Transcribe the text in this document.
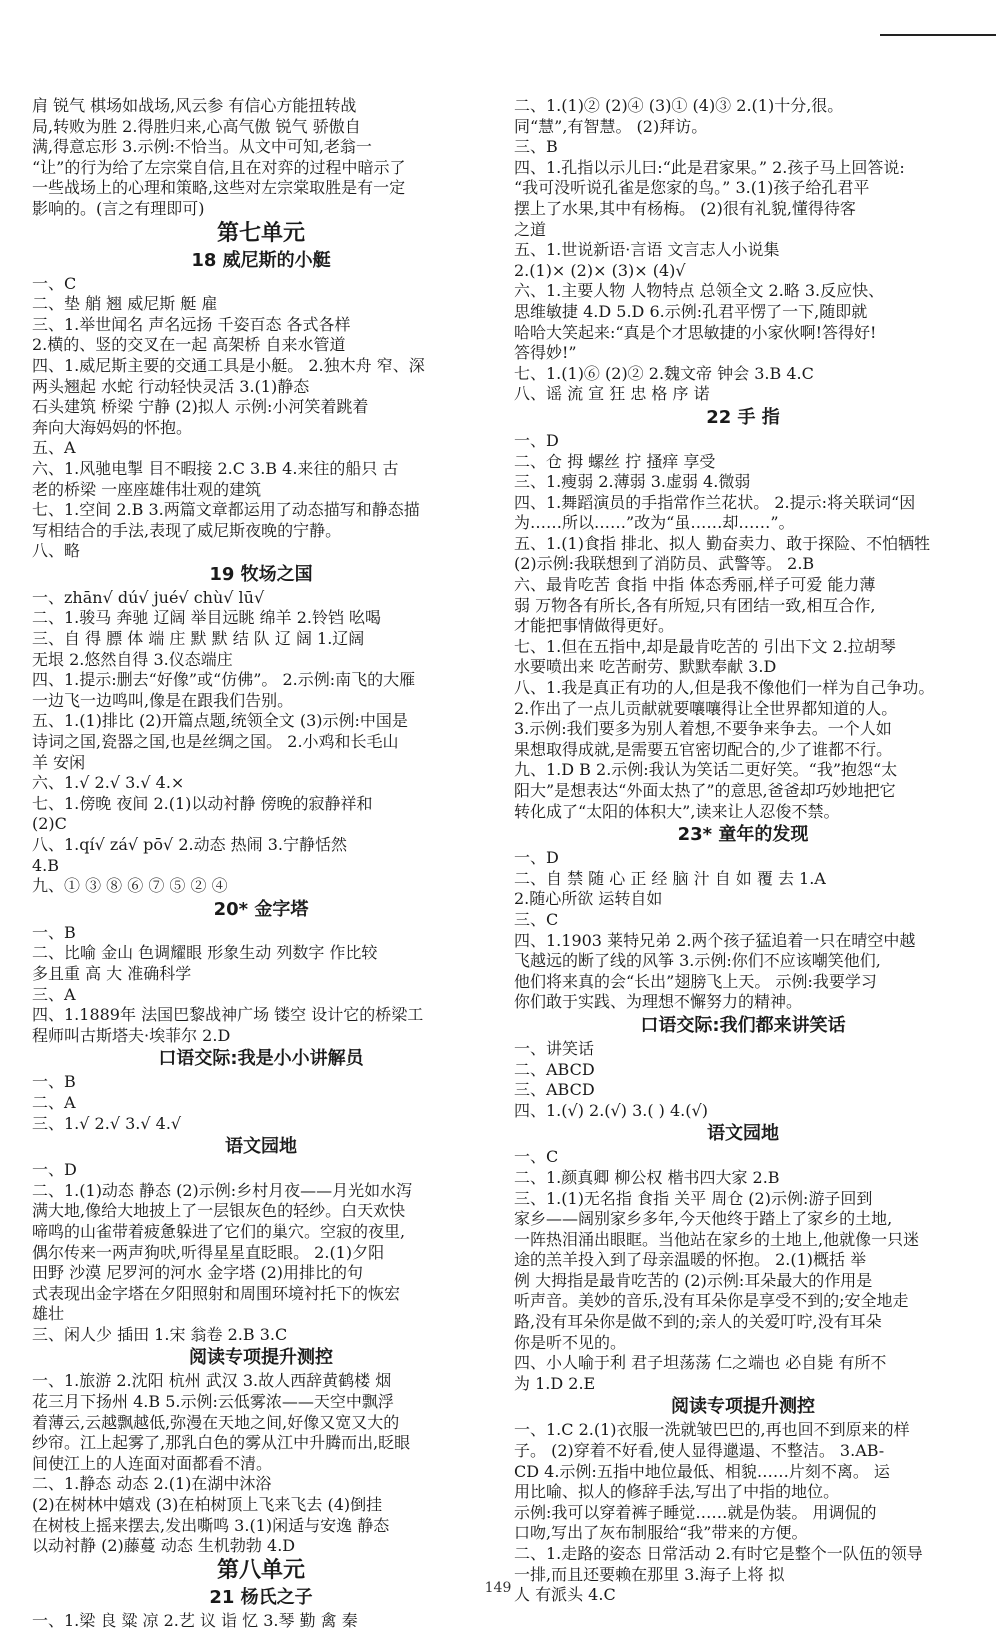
肩 锐气 棋场如战场,风云参 有信心方能扭转战
局,转败为胜 2.得胜归来,心高气傲 锐气 骄傲自
满,得意忘形 3.示例:不恰当。从文中可知,老翁一
“让”的行为给了左宗棠自信,且在对弈的过程中暗示了
一些战场上的心理和策略,这些对左宗棠取胜是有一定
影响的。(言之有理即可)
第七单元
18 威尼斯的小艇
一、C
二、垫 艄 翘 威尼斯 艇 雇
三、1.举世闻名 声名远扬 千姿百态 各式各样
2.横的、竖的交叉在一起 高架桥 自来水管道
四、1.威尼斯主要的交通工具是小艇。 2.独木舟 窄、深
两头翘起 水蛇 行动轻快灵活 3.(1)静态
石头建筑 桥梁 宁静 (2)拟人 示例:小河笑着跳着
奔向大海妈妈的怀抱。
五、A
六、1.风驰电掣 目不暇接 2.C 3.B 4.来往的船只 古
老的桥梁 一座座雄伟壮观的建筑
七、1.空间 2.B 3.两篇文章都运用了动态描写和静态描
写相结合的手法,表现了威尼斯夜晚的宁静。
八、略
19 牧场之国
一、zhān√ dú√ jué√ chù√ lū√
二、1.骏马 奔驰 辽阔 举目远眺 绵羊 2.铃铛 吆喝
三、自 得 膘 体 端 庄 默 默 结 队 辽 阔 1.辽阔
无垠 2.悠然自得 3.仪态端庄
四、1.提示:删去“好像”或“仿佛”。 2.示例:南飞的大雁
一边飞一边鸣叫,像是在跟我们告别。
五、1.(1)排比 (2)开篇点题,统领全文 (3)示例:中国是
诗词之国,瓷器之国,也是丝绸之国。 2.小鸡和长毛山
羊 安闲
六、1.√ 2.√ 3.√ 4.×
七、1.傍晚 夜间 2.(1)以动衬静 傍晚的寂静祥和
(2)C
八、1.qí√ zá√ pō√ 2.动态 热闹 3.宁静恬然
4.B
九、① ③ ⑧ ⑥ ⑦ ⑤ ② ④
20* 金字塔
一、B
二、比喻 金山 色调耀眼 形象生动 列数字 作比较
多且重 高 大 准确科学
三、A
四、1.1889年 法国巴黎战神广场 镂空 设计它的桥梁工
程师叫古斯塔夫·埃菲尔 2.D
口语交际:我是小小讲解员
一、B
二、A
三、1.√ 2.√ 3.√ 4.√
语文园地
一、D
二、1.(1)动态 静态 (2)示例:乡村月夜——月光如水泻
满大地,像给大地披上了一层银灰色的轻纱。白天欢快
啼鸣的山雀带着疲惫躲进了它们的巢穴。空寂的夜里,
偶尔传来一两声狗吠,听得星星直眨眼。 2.(1)夕阳
田野 沙漠 尼罗河的河水 金字塔 (2)用排比的句
式表现出金字塔在夕阳照射和周围环境衬托下的恢宏
雄壮
三、闲人少 插田 1.宋 翁卷 2.B 3.C
阅读专项提升测控
一、1.旅游 2.沈阳 杭州 武汉 3.故人西辞黄鹤楼 烟
花三月下扬州 4.B 5.示例:云低雾浓——天空中飘浮
着薄云,云越飘越低,弥漫在天地之间,好像又宽又大的
纱帘。江上起雾了,那乳白色的雾从江中升腾而出,眨眼
间使江上的人连面对面都看不清。
二、1.静态 动态 2.(1)在湖中沐浴
(2)在树林中嬉戏 (3)在柏树顶上飞来飞去 (4)倒挂
在树枝上摇来摆去,发出嘶鸣 3.(1)闲适与安逸 静态
以动衬静 (2)藤蔓 动态 生机勃勃 4.D
第八单元
21 杨氏之子
一、1.梁 良 粱 凉 2.艺 议 诣 忆 3.琴 勤 禽 秦
二、1.(1)② (2)④ (3)① (4)③ 2.(1)十分,很。
同“慧”,有智慧。 (2)拜访。
三、B
四、1.孔指以示儿曰:“此是君家果。” 2.孩子马上回答说:
“我可没听说孔雀是您家的鸟。” 3.(1)孩子给孔君平
摆上了水果,其中有杨梅。 (2)很有礼貌,懂得待客
之道
五、1.世说新语·言语 文言志人小说集
2.(1)× (2)× (3)× (4)√
六、1.主要人物 人物特点 总领全文 2.略 3.反应快、
思维敏捷 4.D 5.D 6.示例:孔君平愣了一下,随即就
哈哈大笑起来:“真是个才思敏捷的小家伙啊!答得好!
答得妙!”
七、1.(1)⑥ (2)② 2.魏文帝 钟会 3.B 4.C
八、谣 流 宣 狂 忠 格 序 诺
22 手 指
一、D
二、仓 拇 螺丝 拧 搔痒 享受
三、1.瘦弱 2.薄弱 3.虚弱 4.微弱
四、1.舞蹈演员的手指常作兰花状。 2.提示:将关联词“因
为……所以……”改为“虽……却……”。
五、1.(1)食指 排北、拟人 勤奋卖力、敢于探险、不怕牺牲
(2)示例:我联想到了消防员、武警等。 2.B
六、最肯吃苦 食指 中指 体态秀丽,样子可爱 能力薄
弱 万物各有所长,各有所短,只有团结一致,相互合作,
才能把事情做得更好。
七、1.但在五指中,却是最肯吃苦的 引出下文 2.拉胡琴
水要喷出来 吃苦耐劳、默默奉献 3.D
八、1.我是真正有功的人,但是我不像他们一样为自己争功。
2.作出了一点儿贡献就要嚷嚷得让全世界都知道的人。
3.示例:我们要多为别人着想,不要争来争去。一个人如
果想取得成就,是需要五官密切配合的,少了谁都不行。
九、1.D B 2.示例:我认为笑话二更好笑。“我”抱怨“太
阳大”是想表达“外面太热了”的意思,爸爸却巧妙地把它
转化成了“太阳的体积大”,读来让人忍俊不禁。
23* 童年的发现
一、D
二、自 禁 随 心 正 经 脑 汁 自 如 覆 去 1.A
2.随心所欲 运转自如
三、C
四、1.1903 莱特兄弟 2.两个孩子猛追着一只在晴空中越
飞越远的断了线的风筝 3.示例:你们不应该嘲笑他们,
他们将来真的会“长出”翅膀飞上天。 示例:我要学习
你们敢于实践、为理想不懈努力的精神。
口语交际:我们都来讲笑话
一、讲笑话
二、ABCD
三、ABCD
四、1.(√) 2.(√) 3.( ) 4.(√)
语文园地
一、C
二、1.颜真卿 柳公权 楷书四大家 2.B
三、1.(1)无名指 食指 关平 周仓 (2)示例:游子回到
家乡——阔别家乡多年,今天他终于踏上了家乡的土地,
一阵热泪涌出眼眶。当他站在家乡的土地上,他就像一只迷
途的羔羊投入到了母亲温暖的怀抱。 2.(1)概括 举
例 大拇指是最肯吃苦的 (2)示例:耳朵最大的作用是
听声音。美妙的音乐,没有耳朵你是享受不到的;安全地走
路,没有耳朵你是做不到的;亲人的关爱叮咛,没有耳朵
你是听不见的。
四、小人喻于利 君子坦荡荡 仁之端也 必自毙 有所不
为 1.D 2.E
阅读专项提升测控
一、1.C 2.(1)衣服一洗就皱巴巴的,再也回不到原来的样
子。 (2)穿着不好看,使人显得邋遢、不整洁。 3.AB-
CD 4.示例:五指中地位最低、相貌……片刻不离。 运
用比喻、拟人的修辞手法,写出了中指的地位。
示例:我可以穿着裤子睡觉……就是伪装。 用调侃的
口吻,写出了灰布制服给“我”带来的方便。
二、1.走路的姿态 日常活动 2.有时它是整个一队伍的领导
一排,而且还要赖在那里 3.海子上将 拟
人 有派头 4.C
149
